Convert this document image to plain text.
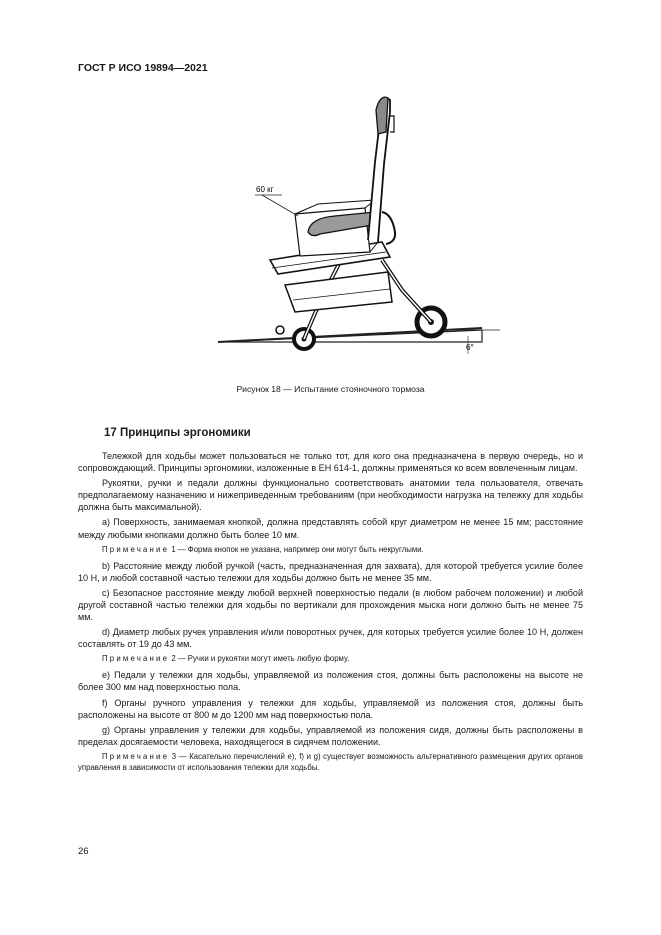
ГОСТ Р ИСО 19894—2021
6°
60 кг
Рисунок 18 — Испытание стояночного тормоза
17 Принципы эргономики

Тележкой для ходьбы может пользоваться не только тот, для кого она предназначена в первую очередь, но и сопровождающий. Принципы эргономики, изложенные в ЕН 614-1, должны применяться ко всем вовлеченным лицам.

Рукоятки, ручки и педали должны функционально соответствовать анатомии тела пользователя, отвечать предполагаемому назначению и нижеприведенным требованиям (при необходимости нагрузка на тележку для ходьбы должна быть максимальной).

a) Поверхность, занимаемая кнопкой, должна представлять собой круг диаметром не менее 15 мм; расстояние между любыми кнопками должно быть более 10 мм.

Примечание 1 — Форма кнопок не указана, например они могут быть некруглыми.

b) Расстояние между любой ручкой (часть, предназначенная для захвата), для которой требуется усилие более 10 Н, и любой составной частью тележки для ходьбы должно быть не менее 35 мм.

c) Безопасное расстояние между любой верхней поверхностью педали (в любом рабочем положении) и любой другой составной частью тележки для ходьбы по вертикали для прохождения мыска ноги должно быть не менее 75 мм.

d) Диаметр любых ручек управления и/или поворотных ручек, для которых требуется усилие более 10 Н, должен составлять от 19 до 43 мм.

Примечание 2 — Ручки и рукоятки могут иметь любую форму.

e) Педали у тележки для ходьбы, управляемой из положения стоя, должны быть расположены на высоте не более 300 мм над поверхностью пола.

f) Органы ручного управления у тележки для ходьбы, управляемой из положения стоя, должны быть расположены на высоте от 800 м до 1200 мм над поверхностью пола.

g) Органы управления у тележки для ходьбы, управляемой из положения сидя, должны быть расположены в пределах досягаемости человека, находящегося в сидячем положении.

Примечание 3 — Касательно перечислений e), f) и g) существует возможность альтернативного размещения других органов управления в зависимости от использования тележки для ходьбы.

26
